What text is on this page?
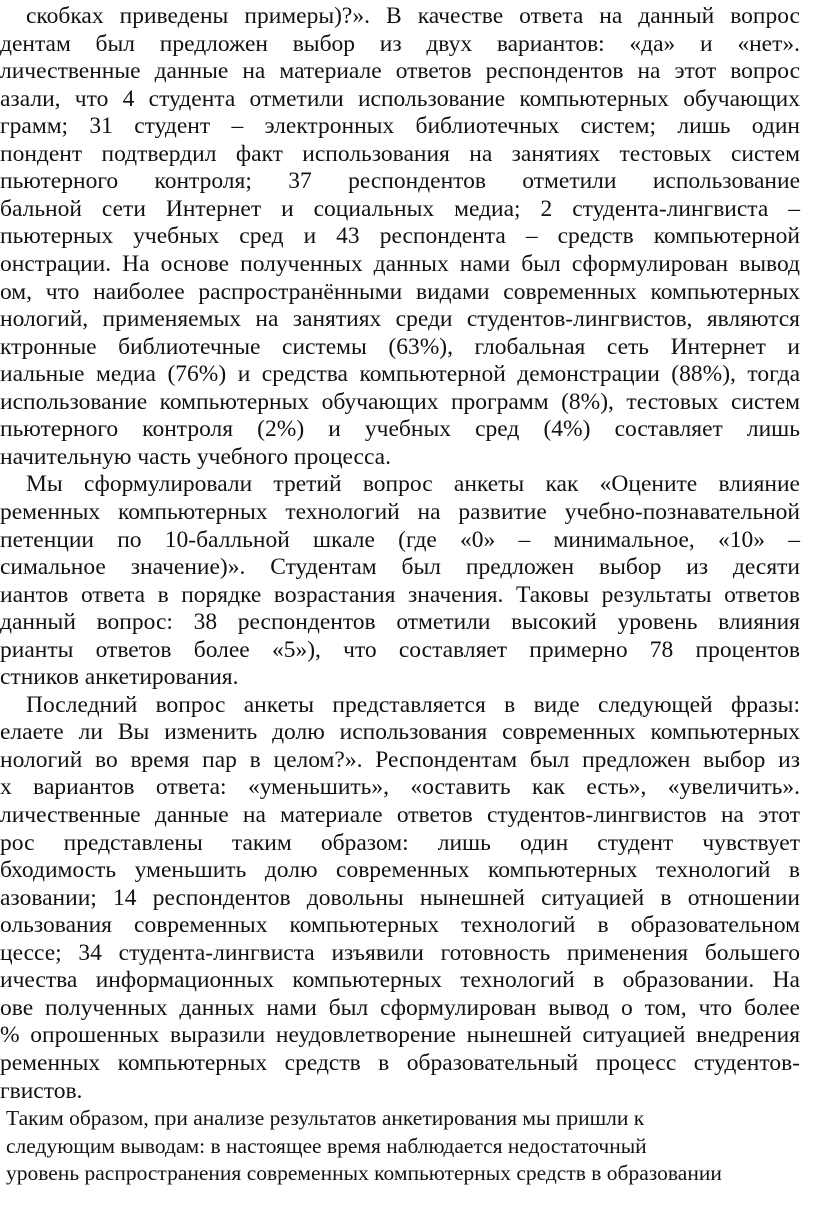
скобках приведены примеры)?». В качестве ответа на данный вопрос
дентам был предложен выбор из двух вариантов: «да» и «нет».
личественные данные на материале ответов респондентов на этот вопрос
азали, что 4 студента отметили использование компьютерных обучающих
грамм; 31 студент – электронных библиотечных систем; лишь один
пондент подтвердил факт использования на занятиях тестовых систем
пьютерного контроля; 37 респондентов отметили использование
бальной сети Интернет и социальных медиа; 2 студента-лингвиста –
пьютерных учебных сред и 43 респондента – средств компьютерной
онстрации. На основе полученных данных нами был сформулирован вывод
ом, что наиболее распространёнными видами современных компьютерных
нологий, применяемых на занятиях среди студентов-лингвистов, являются
ктронные библиотечные системы (63%), глобальная сеть Интернет и
иальные медиа (76%) и средства компьютерной демонстрации (88%), тогда
использование компьютерных обучающих программ (8%), тестовых систем
пьютерного контроля (2%) и учебных сред (4%) составляет лишь
начительную часть учебного процесса.
Мы сформулировали третий вопрос анкеты как «Оцените влияние
ременных компьютерных технологий на развитие учебно-познавательной
петенции по 10-балльной шкале (где «0» – минимальное, «10» –
симальное значение)». Студентам был предложен выбор из десяти
иантов ответа в порядке возрастания значения. Таковы результаты ответов
данный вопрос: 38 респондентов отметили высокий уровень влияния
рианты ответов более «5»), что составляет примерно 78 процентов
стников анкетирования.
Последний вопрос анкеты представляется в виде следующей фразы:
елаете ли Вы изменить долю использования современных компьютерных
нологий во время пар в целом?». Респондентам был предложен выбор из
х вариантов ответа: «уменьшить», «оставить как есть», «увеличить».
личественные данные на материале ответов студентов-лингвистов на этот
рос представлены таким образом: лишь один студент чувствует
бходимость уменьшить долю современных компьютерных технологий в
азовании; 14 респондентов довольны нынешней ситуацией в отношении
ользования современных компьютерных технологий в образовательном
цессе; 34 студента-лингвиста изъявили готовность применения большего
ичества информационных компьютерных технологий в образовании. На
ове полученных данных нами был сформулирован вывод о том, что более
% опрошенных выразили неудовлетворение нынешней ситуацией внедрения
ременных компьютерных средств в образовательный процесс студентов-
гвистов.
Таким образом, при анализе результатов анкетирования мы пришли к
следующим выводам: в настоящее время наблюдается недостаточный
уровень распространения современных компьютерных средств в образовании
